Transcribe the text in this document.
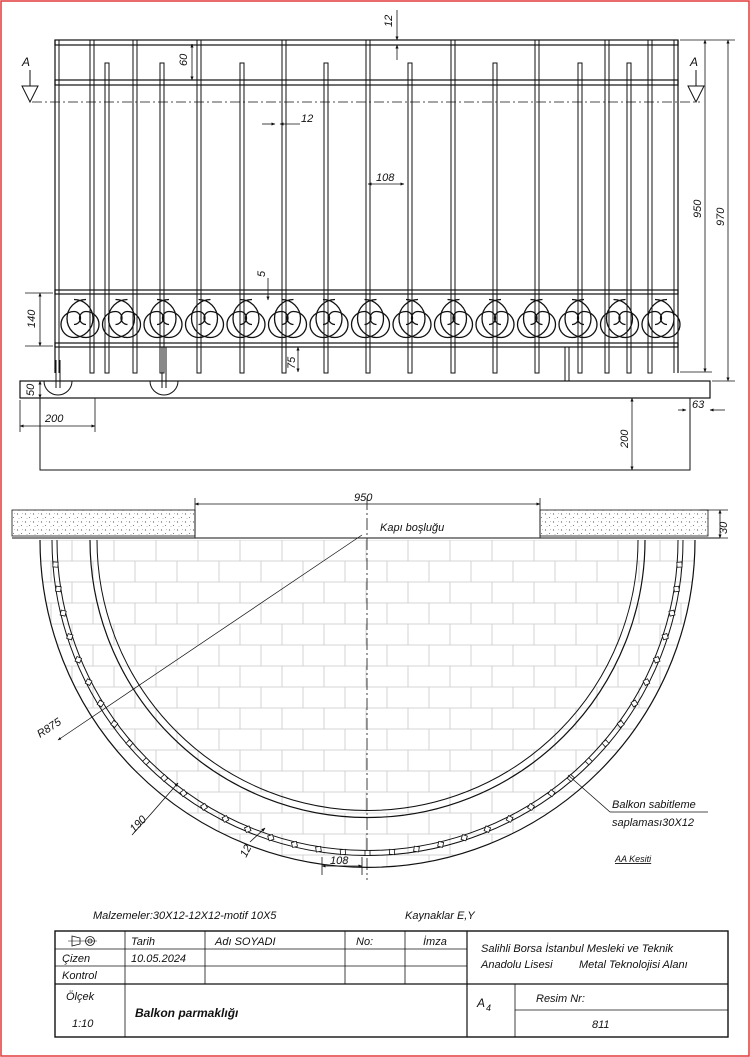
A	A
12
60
12
108
5
140
75
50
200
950 970
200
63
950
30
Kapı boşluğu
R875
190
12
108
Balkon sabitleme
saplaması30X12
AA Kesiti
Malzemeler:30X12-12X12-motif 10X5	Kaynaklar E,Y
Tarih	Adı SOYADI	No:	İmza
Çizen	10.05.2024
Kontrol
Ölçek
1:10
Balkon parmaklığı
A 4
Resim Nr:
811
Salihli Borsa İstanbul Mesleki ve Teknik
Anadolu Lisesi Metal Teknolojisi Alanı
